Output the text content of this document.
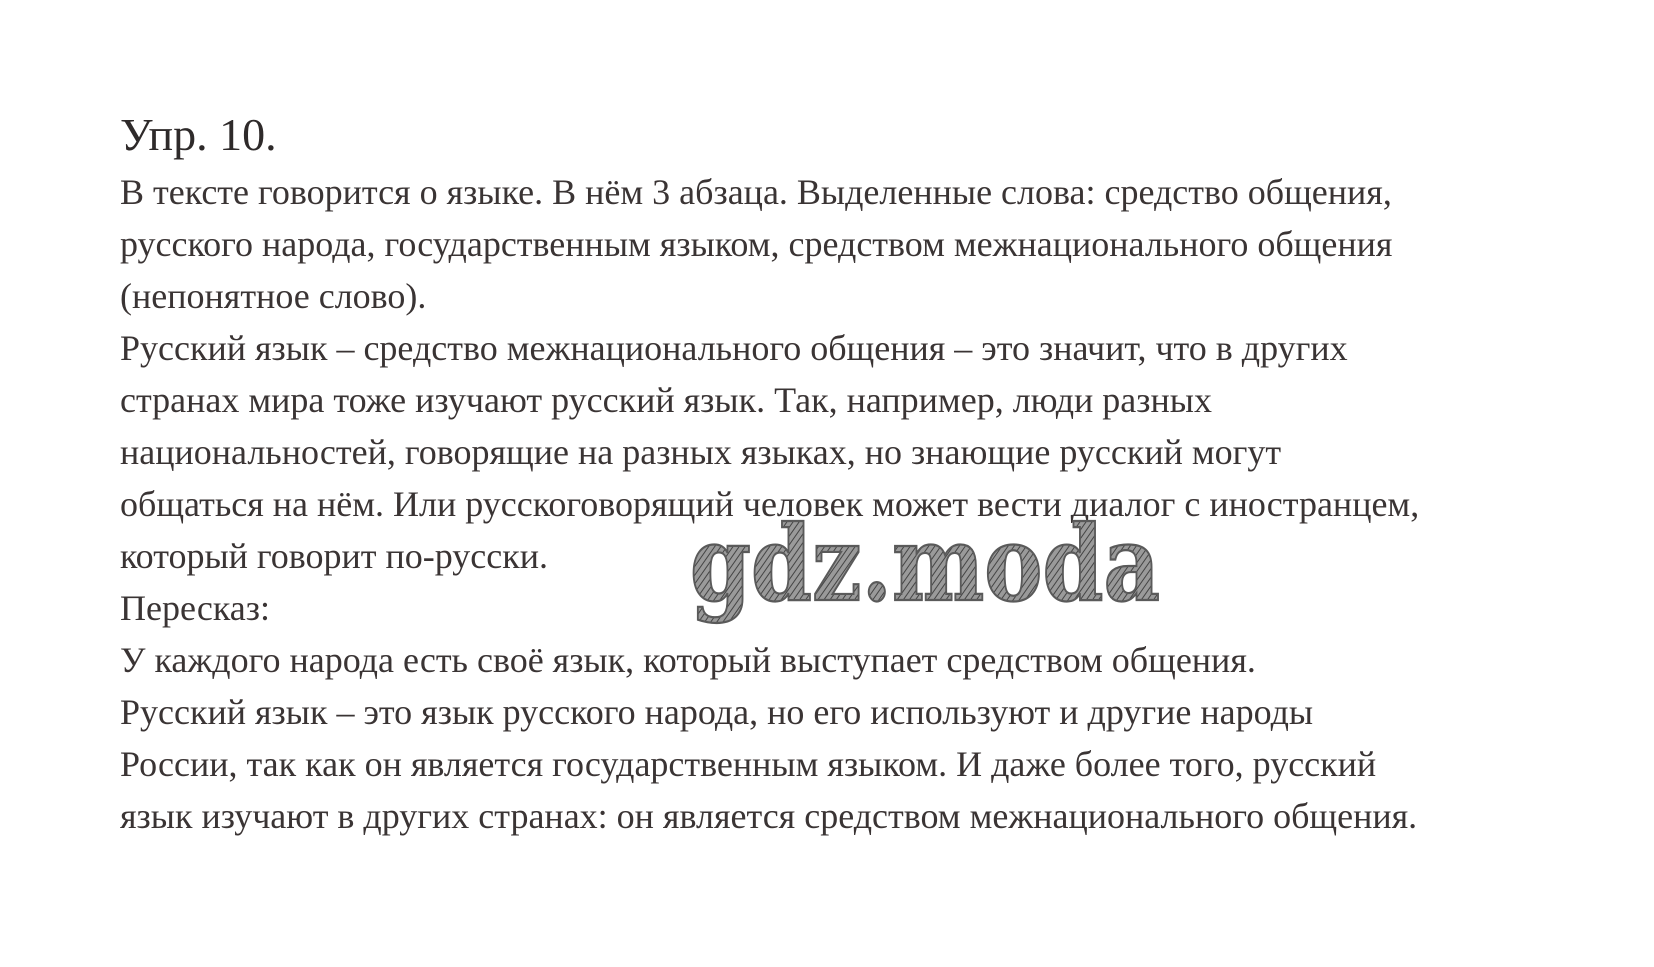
Упр. 10.

В тексте говорится о языке. В нём 3 абзаца. Выделенные слова: средство общения,

русского народа, государственным языком, средством межнационального общения

(непонятное слово).

Русский язык – средство межнационального общения – это значит, что в других

странах мира тоже изучают русский язык. Так, например, люди разных

национальностей, говорящие на разных языках, но знающие русский могут

общаться на нём. Или русскоговорящий человек может вести диалог с иностранцем,

который говорит по-русски.

Пересказ:

У каждого народа есть своё язык, который выступает средством общения.

Русский язык – это язык русского народа, но его используют и другие народы

России, так как он является государственным языком. И даже более того, русский

язык изучают в других странах: он является средством межнационального общения.

gdz.moda
